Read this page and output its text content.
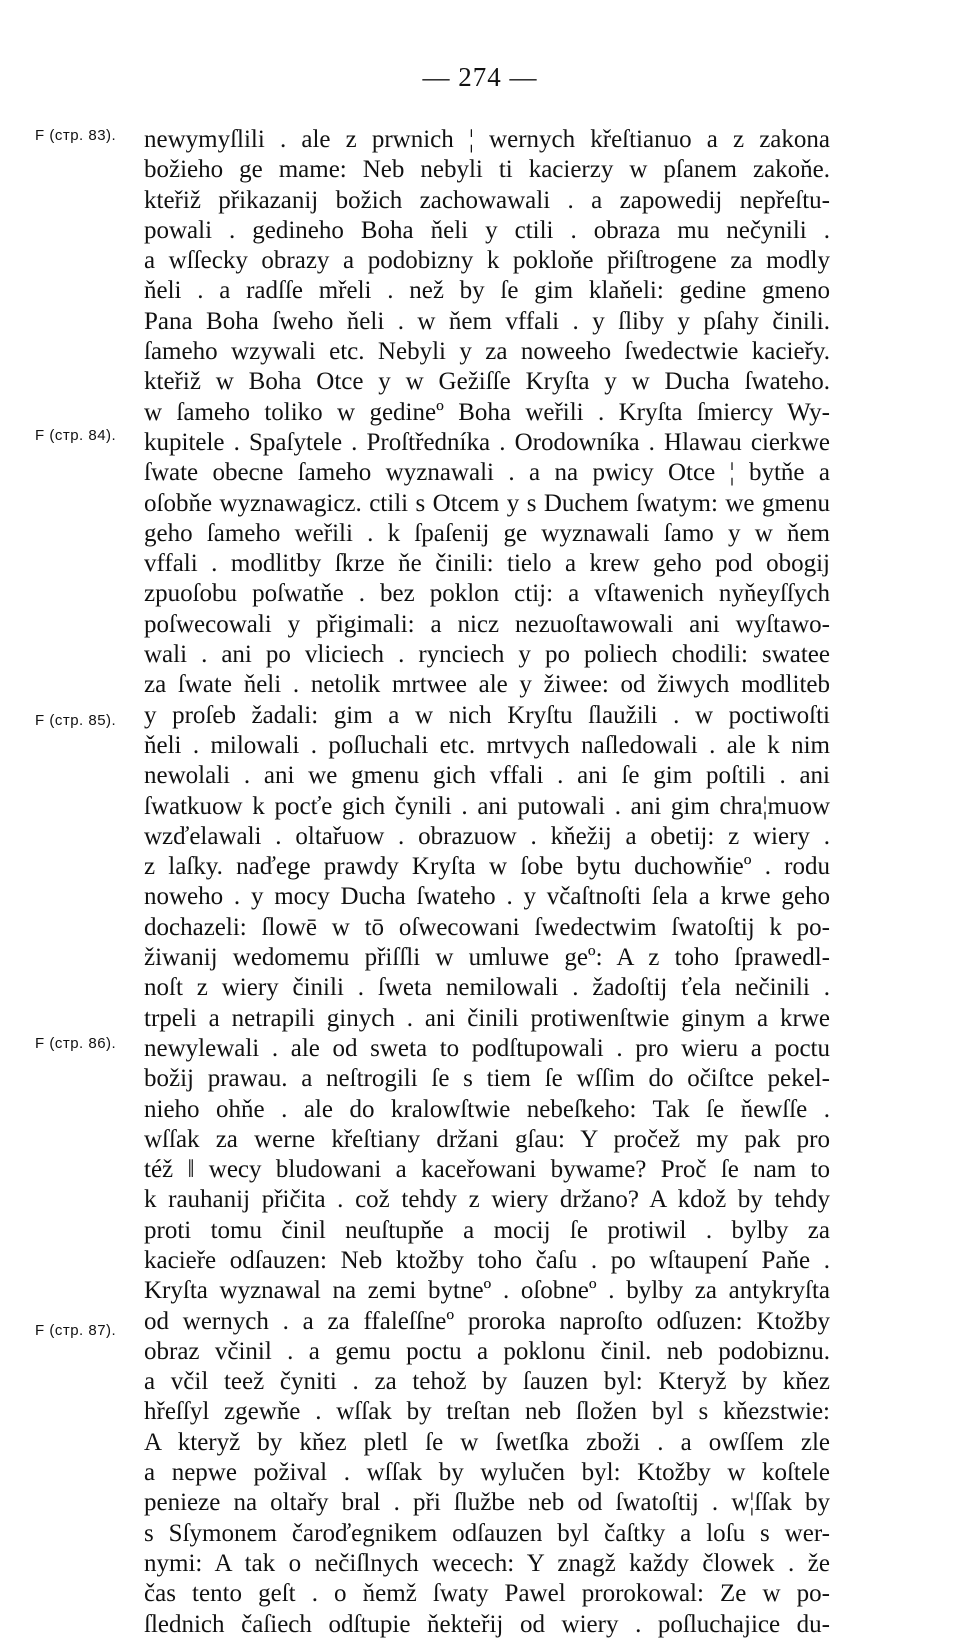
— 274 —
F (стр. 83).
F (стр. 84).
F (стр. 85).
F (стр. 86).
F (стр. 87).
newymyſlili . ale z prwnich ¦ wernych křeſtianuo a z zakona
božieho ge mame: Neb nebyli ti kacierzy w pſanem zakoňe.
kteřiž přikazanij božich zachowawali . a zapowedij nepřeſtu-
powali . gedineho Boha ňeli y ctili . obraza mu nečynili .
a wſſecky obrazy a podobizny k pokloňe přiſtrogene za modly
ňeli . a radſſe mřeli . než by ſe gim klaňeli: gedine gmeno
Pana Boha ſweho ňeli . w ňem vffali . y ſliby y pſahy činili.
ſameho wzywali etc. Nebyli y za noweeho ſwedectwie kacieřy.
kteřiž w Boha Otce y w Gežiſſe Kryſta y w Ducha ſwateho.
w ſameho toliko w gedineº Boha weřili . Kryſta ſmiercy Wy-
kupitele . Spaſytele . Proſtředníka . Orodowníka . Hlawau cierkwe
ſwate obecne ſameho wyznawali . a na pwicy Otce ¦ bytňe a
oſobňe wyznawagicz. ctili s Otcem y s Duchem ſwatym: we gmenu
geho ſameho weřili . k ſpaſenij ge wyznawali ſamo y w ňem
vffali . modlitby ſkrze ňe činili: tielo a krew geho pod obogij
zpuoſobu poſwatňe . bez poklon ctij: a vſtawenich nyňeyſſych
poſwecowali y přigimali: a nicz nezuoſtawowali ani wyſtawo-
wali . ani po vliciech . rynciech y po poliech chodili: swatee
za ſwate ňeli . netolik mrtwee ale y žiwee: od žiwych modliteb
y proſeb žadali: gim a w nich Kryſtu ſlaužili . w poctiwoſti
ňeli . milowali . poſluchali etc. mrtvych naſledowali . ale k nim
newolali . ani we gmenu gich vffali . ani ſe gim poſtili . ani
ſwatkuow k pocťe gich čynili . ani putowali . ani gim chra¦muow
wzďelawali . oltařuow . obrazuow . kňežij a obetij: z wiery .
z laſky. naďege prawdy Kryſta w ſobe bytu duchowňieº . rodu
noweho . y mocy Ducha ſwateho . y včaſtnoſti ſela a krwe geho
dochazeli: ſlowē w tō oſwecowani ſwedectwim ſwatoſtij k po-
žiwanij wedomemu přiſſli w umluwe geº: A z toho ſprawedl-
noſt z wiery činili . ſweta nemilowali . žadoſtij ťela nečinili .
trpeli a netrapili ginych . ani činili protiwenſtwie ginym a krwe
newylewali . ale od sweta to podſtupowali . pro wieru a poctu
božij prawau. a neſtrogili ſe s tiem ſe wſſim do očiſtce pekel-
nieho ohňe . ale do kralowſtwie nebeſkeho: Tak ſe ňewſſe .
wſſak za werne křeſtiany držani gſau: Y pročež my pak pro
též ‖ wecy bludowani a kaceřowani bywame? Proč ſe nam to
k rauhanij přičita . což tehdy z wiery držano? A kdož by tehdy
proti tomu činil neuſtupňe a mocij ſe protiwil . bylby za
kacieře odſauzen: Neb ktožby toho čaſu . po wſtaupení Paňe .
Kryſta wyznawal na zemi bytneº . oſobneº . bylby za antykryſta
od wernych . a za ffaleſſneº proroka naproſto odſuzen: Ktožby
obraz včinil . a gemu poctu a poklonu činil. neb podobiznu.
a včil teež čyniti . za tehož by ſauzen byl: Kteryž by kňez
hřeſſyl zgewňe . wſſak by treſtan neb ſložen byl s kňezstwie:
A kteryž by kňez pletl ſe w ſwetſka zboži . a owſſem zle
a nepwe požival . wſſak by wylučen byl: Ktožby w koſtele
penieze na oltařy bral . při ſlužbe neb od ſwatoſtij . w¦ſſak by
s Sſymonem čaroďegnikem odſauzen byl čaſtky a loſu s wer-
nymi: A tak o nečiſlnych wecech: Y znagž každy člowek . že
čas tento geſt . o ňemž ſwaty Pawel prorokowal: Ze w po-
ſlednich čaſiech odſtupie ňekteřij od wiery . poſluchajice du-
